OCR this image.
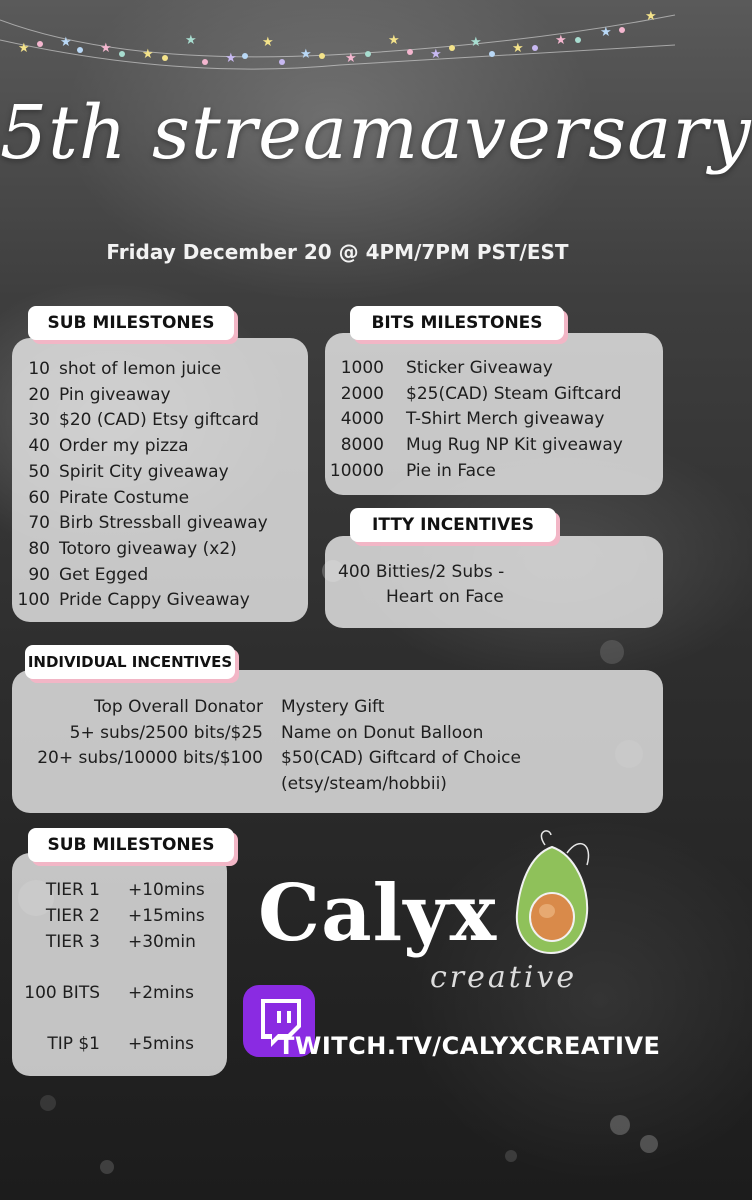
★ ★ ★ ★
★
★
★
★	★
★
★
★ ★
★
★
★
5th streamaversary
Friday December 20 @ 4PM/7PM PST/EST
SUB MILESTONES
10 shot of lemon juice
20 Pin giveaway
30 $20 (CAD) Etsy giftcard
40 Order my pizza
50 Spirit City giveaway
60 Pirate Costume
70 Birb Stressball giveaway
80 Totoro giveaway (x2)
90 Get Egged
100 Pride Cappy Giveaway
BITS MILESTONES
1000 Sticker Giveaway
2000 $25(CAD) Steam Giftcard
4000 T-Shirt Merch giveaway
8000 Mug Rug NP Kit giveaway
10000 Pie in Face
ITTY INCENTIVES
400 Bitties/2 Subs -
Heart on Face
INDIVIDUAL INCENTIVES
Top Overall Donator Mystery Gift
5+ subs/2500 bits/$25 Name on Donut Balloon
20+ subs/10000 bits/$100 $50(CAD) Giftcard of Choice
(etsy/steam/hobbii)
SUB MILESTONES
TIER 1 +10mins
TIER 2 +15mins
TIER 3 +30min
100 BITS +2mins
TIP $1 +5mins
Calyx
creative
TWITCH.TV/CALYXCREATIVE
